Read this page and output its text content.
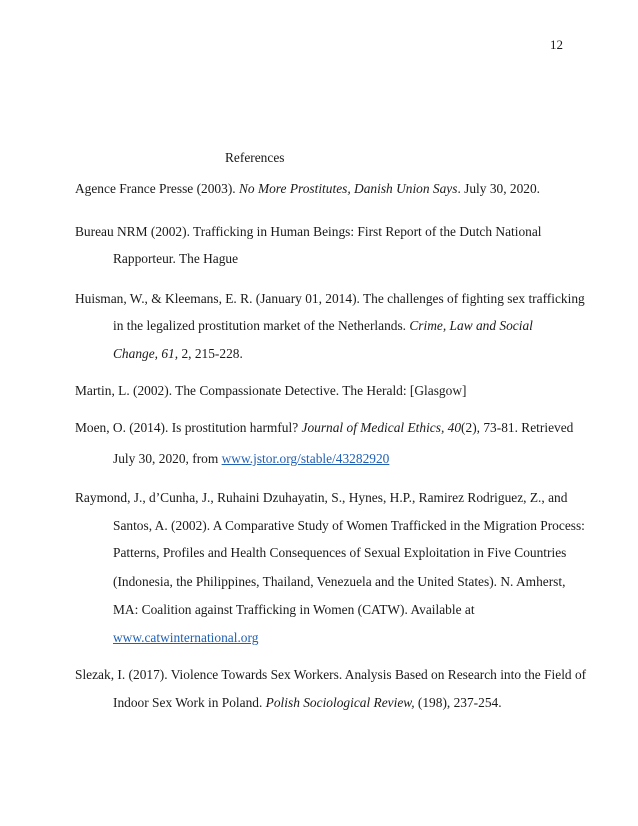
12
References
Agence France Presse (2003). No More Prostitutes, Danish Union Says. July 30, 2020.
Bureau NRM (2002). Trafficking in Human Beings: First Report of the Dutch National
Rapporteur. The Hague
Huisman, W., & Kleemans, E. R. (January 01, 2014). The challenges of fighting sex trafficking
in the legalized prostitution market of the Netherlands. Crime, Law and Social
Change, 61, 2, 215-228.
Martin, L. (2002). The Compassionate Detective. The Herald: [Glasgow]
Moen, O. (2014). Is prostitution harmful? Journal of Medical Ethics, 40(2), 73-81. Retrieved
July 30, 2020, from www.jstor.org/stable/43282920
Raymond, J., d’Cunha, J., Ruhaini Dzuhayatin, S., Hynes, H.P., Ramirez Rodriguez, Z., and
Santos, A. (2002). A Comparative Study of Women Trafficked in the Migration Process:
Patterns, Profiles and Health Consequences of Sexual Exploitation in Five Countries
(Indonesia, the Philippines, Thailand, Venezuela and the United States). N. Amherst,
MA: Coalition against Trafficking in Women (CATW). Available at
www.catwinternational.org
Slezak, I. (2017). Violence Towards Sex Workers. Analysis Based on Research into the Field of
Indoor Sex Work in Poland. Polish Sociological Review, (198), 237-254.
